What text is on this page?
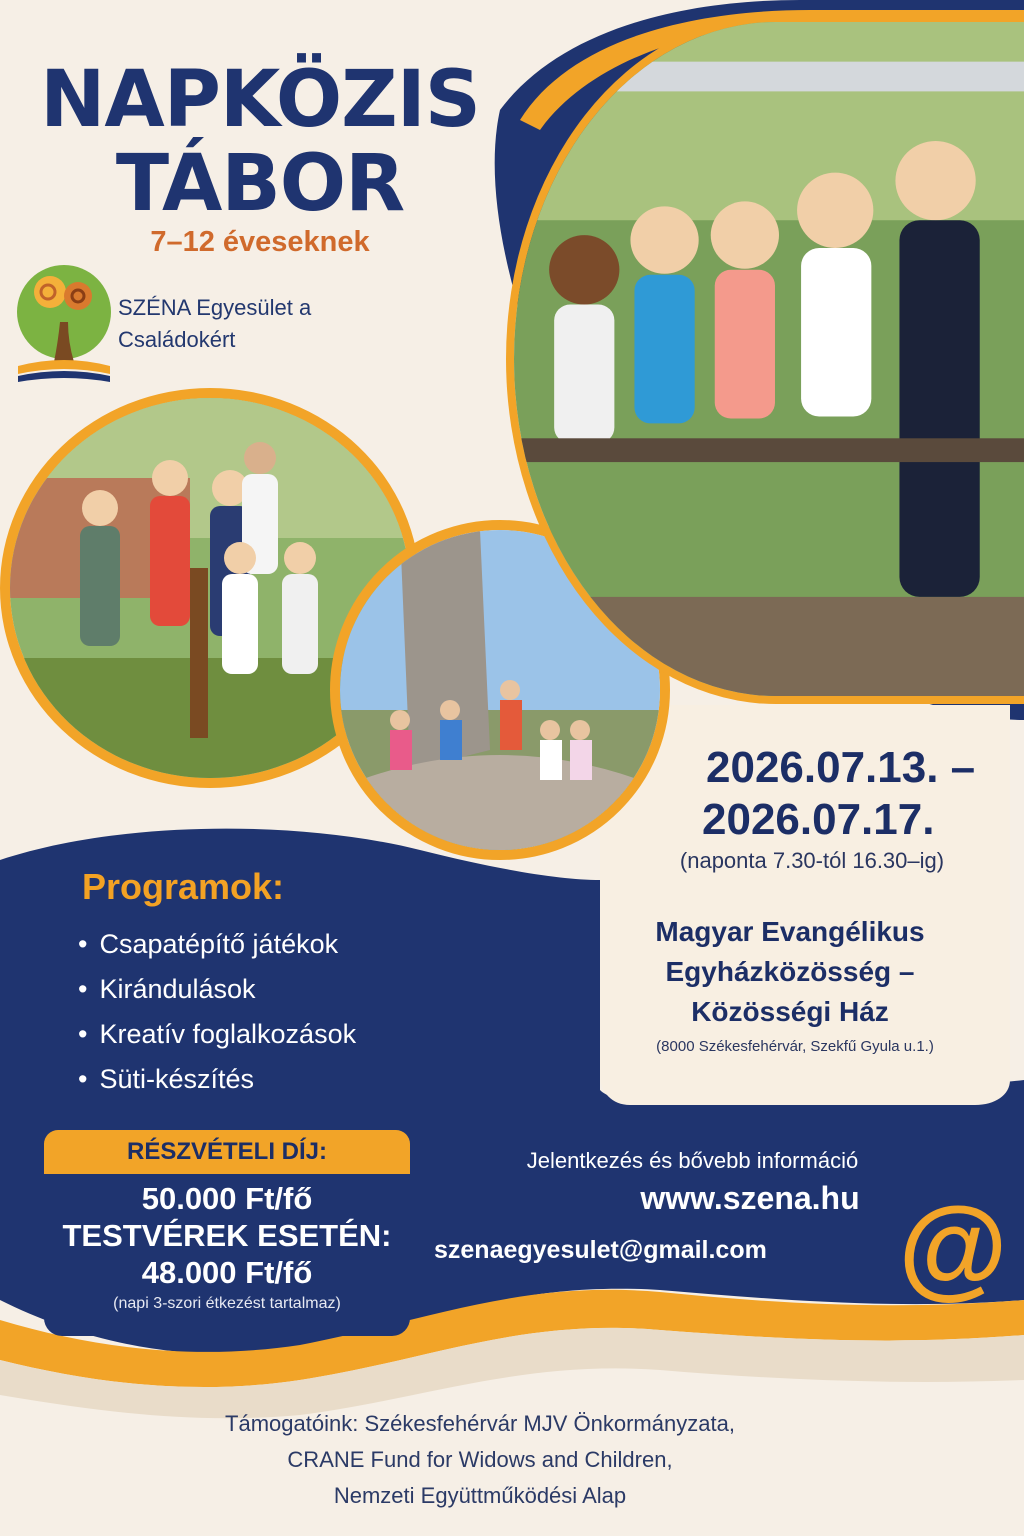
NAPKÖZIS
TÁBOR
7–12 éveseknek
SZÉNA Egyesület a
Családokért
2026.07.13. –
2026.07.17.
(naponta 7.30-tól 16.30–ig)
Magyar Evangélikus
Egyházközösség –
Közösségi Ház
(8000 Székesfehérvár, Szekfű Gyula u.1.)
Programok:
• Csapatépítő játékok
• Kirándulások
• Kreatív foglalkozások
• Süti-készítés
RÉSZVÉTELI DÍJ:
50.000 Ft/fő
TESTVÉREK ESETÉN:
48.000 Ft/fő
(napi 3-szori étkezést tartalmaz)
Jelentkezés és bővebb információ
www.szena.hu
szenaegyesulet@gmail.com	@
Támogatóink: Székesfehérvár MJV Önkormányzata,
CRANE Fund for Widows and Children,
Nemzeti Együttműködési Alap
